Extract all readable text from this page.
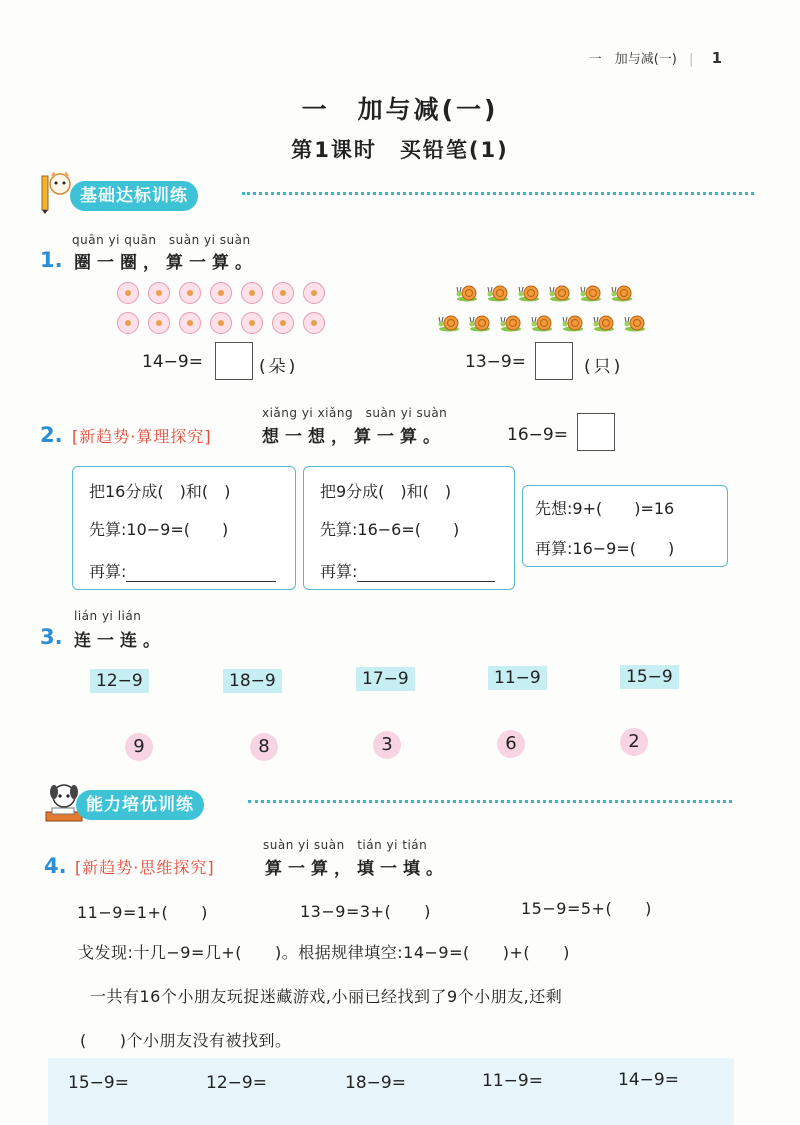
一　加与减(一) | 1
一　加与减(一)
第1课时　买铅笔(1)
基础达标训练
quān yi quān　suàn yi suàn
1. 圈一圈，算一算。
14−9=	(朵)	13−9=	(只)
xiǎng yi xiǎng　suàn yi suàn
2. [新趋势·算理探究]	想一想，算一算。	16−9=
把16分成(　)和(　)
先算:10−9=(　　)
再算:
把9分成(　)和(　)
先算:16−6=(　　)
再算:
先想:9+(　　)=16
再算:16−9=(　　)
lián yi lián
3. 连一连。
12−9	18−9	17−9	11−9	15−9
9	8	3	6	2
能力培优训练
suàn yi suàn　tián yi tián
4. [新趋势·思维探究]	算一算，填一填。
11−9=1+(　　)	13−9=3+(　　)	15−9=5+(　　)
戈发现:十几−9=几+(　　)。根据规律填空:14−9=(　　)+(　　)
一共有16个小朋友玩捉迷藏游戏,小丽已经找到了9个小朋友,还剩
(　　)个小朋友没有被找到。
15−9=	12−9=	18−9=	11−9=	14−9=
